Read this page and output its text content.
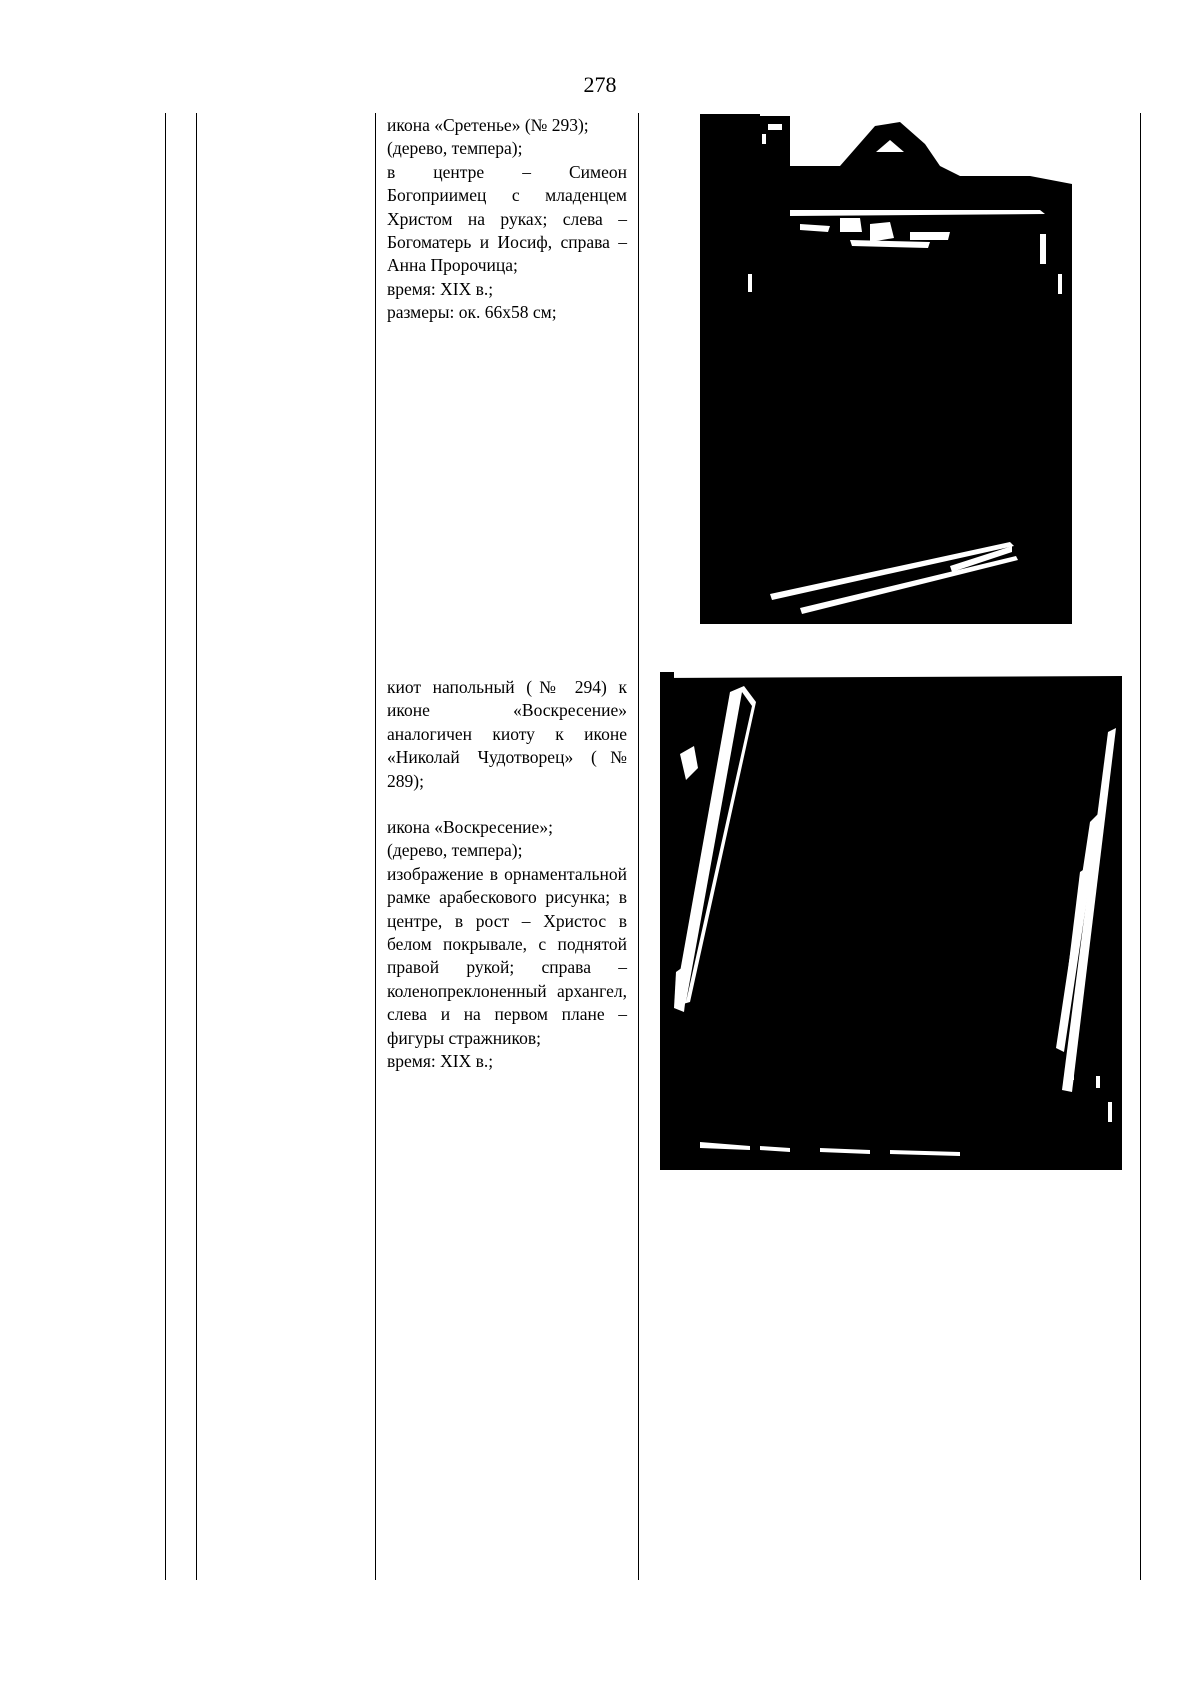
278

икона «Сретенье» (№ 293);

(дерево, темпера);

в центре – Симеон Богоприимец с младенцем Христом на руках; слева – Богоматерь и Иосиф, справа – Анна Пророчица;

время: XIX в.;

размеры: ок. 66х58 см;

киот напольный (№ 294) к иконе «Воскресение» аналогичен киоту к иконе «Николай Чудотворец» (№ 289);

икона «Воскресение»;

(дерево, темпера);

изображение в орнаментальной рамке арабескового рисунка; в центре, в рост – Христос в белом покрывале, с поднятой правой рукой; справа – коленопреклоненный архангел, слева и на первом плане – фигуры стражников;

время: XIX в.;
